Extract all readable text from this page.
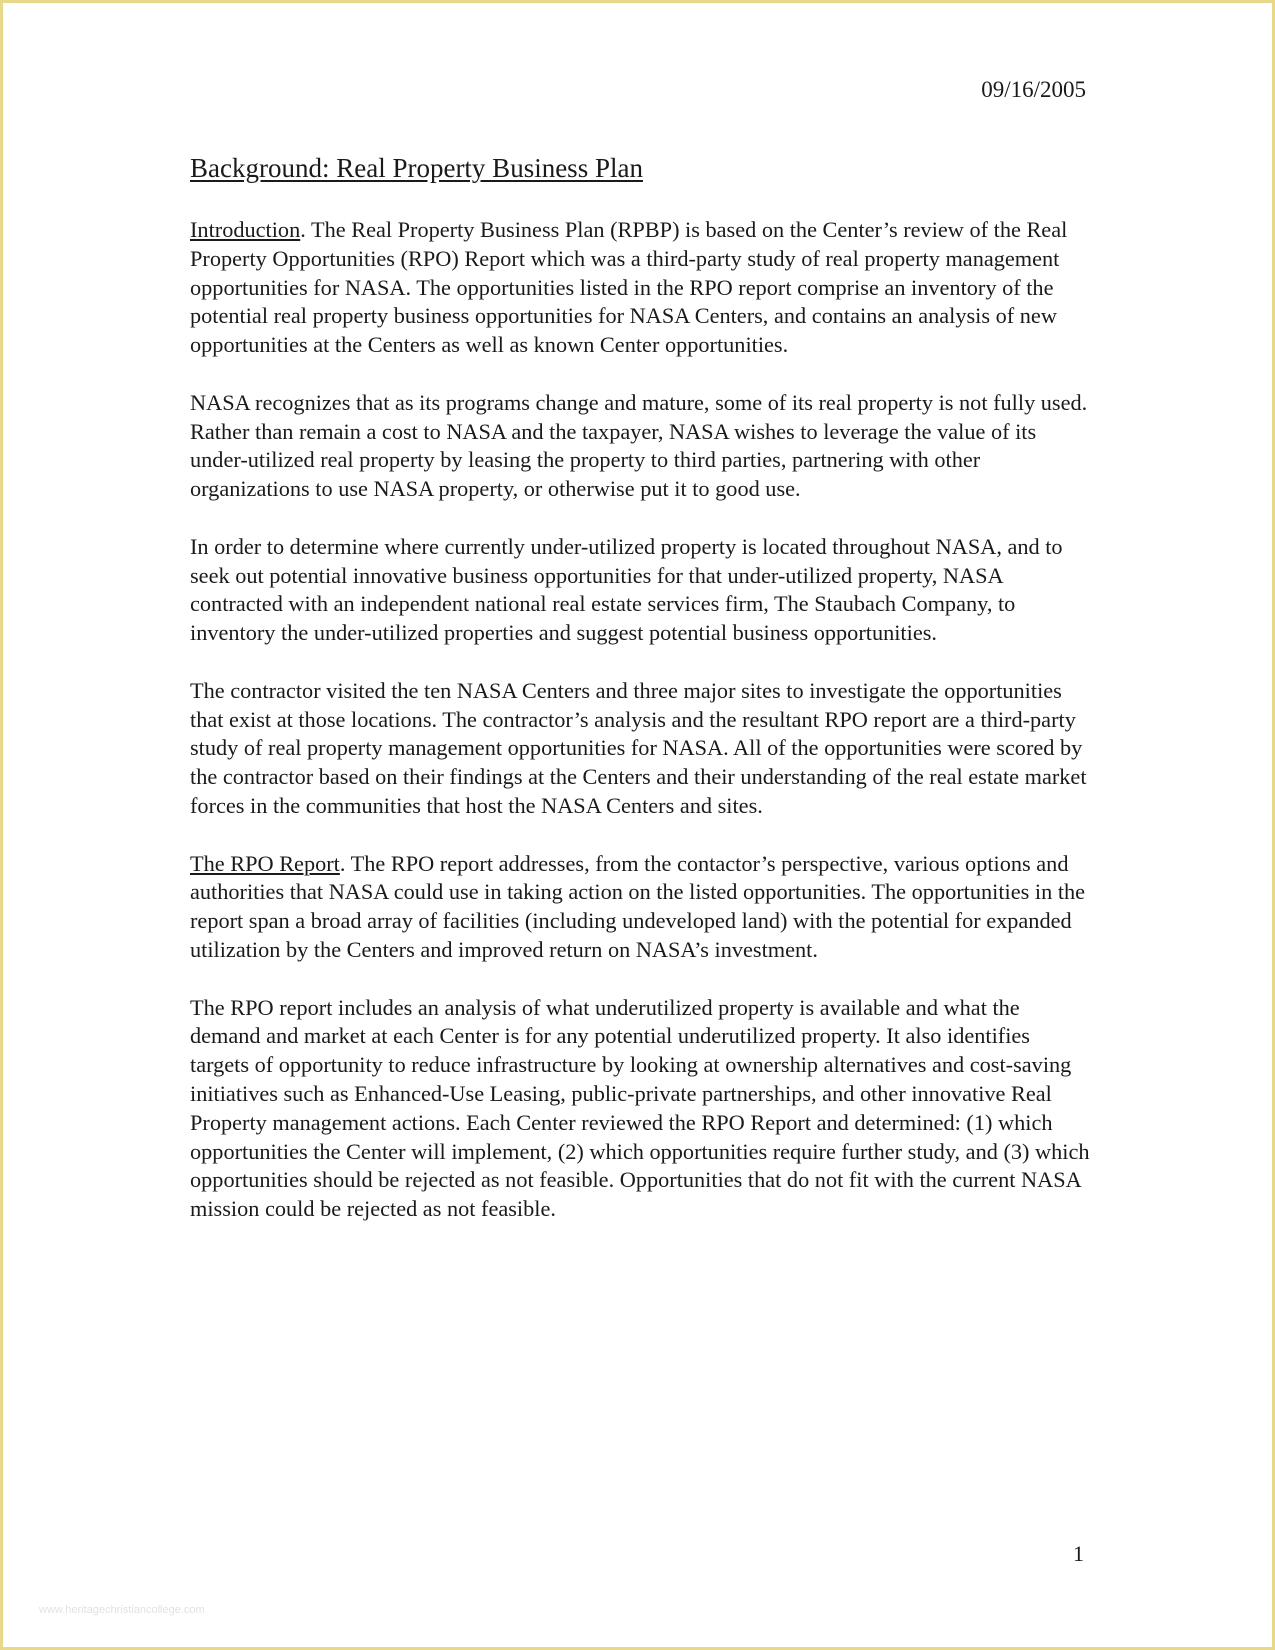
09/16/2005
Background: Real Property Business Plan

Introduction. The Real Property Business Plan (RPBP) is based on the Center’s review of the Real Property Opportunities (RPO) Report which was a third-party study of real property management opportunities for NASA. The opportunities listed in the RPO report comprise an inventory of the potential real property business opportunities for NASA Centers, and contains an analysis of new opportunities at the Centers as well as known Center opportunities.

NASA recognizes that as its programs change and mature, some of its real property is not fully used. Rather than remain a cost to NASA and the taxpayer, NASA wishes to leverage the value of its under-utilized real property by leasing the property to third parties, partnering with other organizations to use NASA property, or otherwise put it to good use.

In order to determine where currently under-utilized property is located throughout NASA, and to seek out potential innovative business opportunities for that under-utilized property, NASA contracted with an independent national real estate services firm, The Staubach Company, to inventory the under-utilized properties and suggest potential business opportunities.

The contractor visited the ten NASA Centers and three major sites to investigate the opportunities that exist at those locations. The contractor’s analysis and the resultant RPO report are a third-party study of real property management opportunities for NASA. All of the opportunities were scored by the contractor based on their findings at the Centers and their understanding of the real estate market forces in the communities that host the NASA Centers and sites.

The RPO Report. The RPO report addresses, from the contactor’s perspective, various options and authorities that NASA could use in taking action on the listed opportunities. The opportunities in the report span a broad array of facilities (including undeveloped land) with the potential for expanded utilization by the Centers and improved return on NASA’s investment.

The RPO report includes an analysis of what underutilized property is available and what the demand and market at each Center is for any potential underutilized property. It also identifies targets of opportunity to reduce infrastructure by looking at ownership alternatives and cost-saving initiatives such as Enhanced-Use Leasing, public-private partnerships, and other innovative Real Property management actions. Each Center reviewed the RPO Report and determined: (1) which opportunities the Center will implement, (2) which opportunities require further study, and (3) which opportunities should be rejected as not feasible. Opportunities that do not fit with the current NASA mission could be rejected as not feasible.

1
www.heritagechristiancollege.com
